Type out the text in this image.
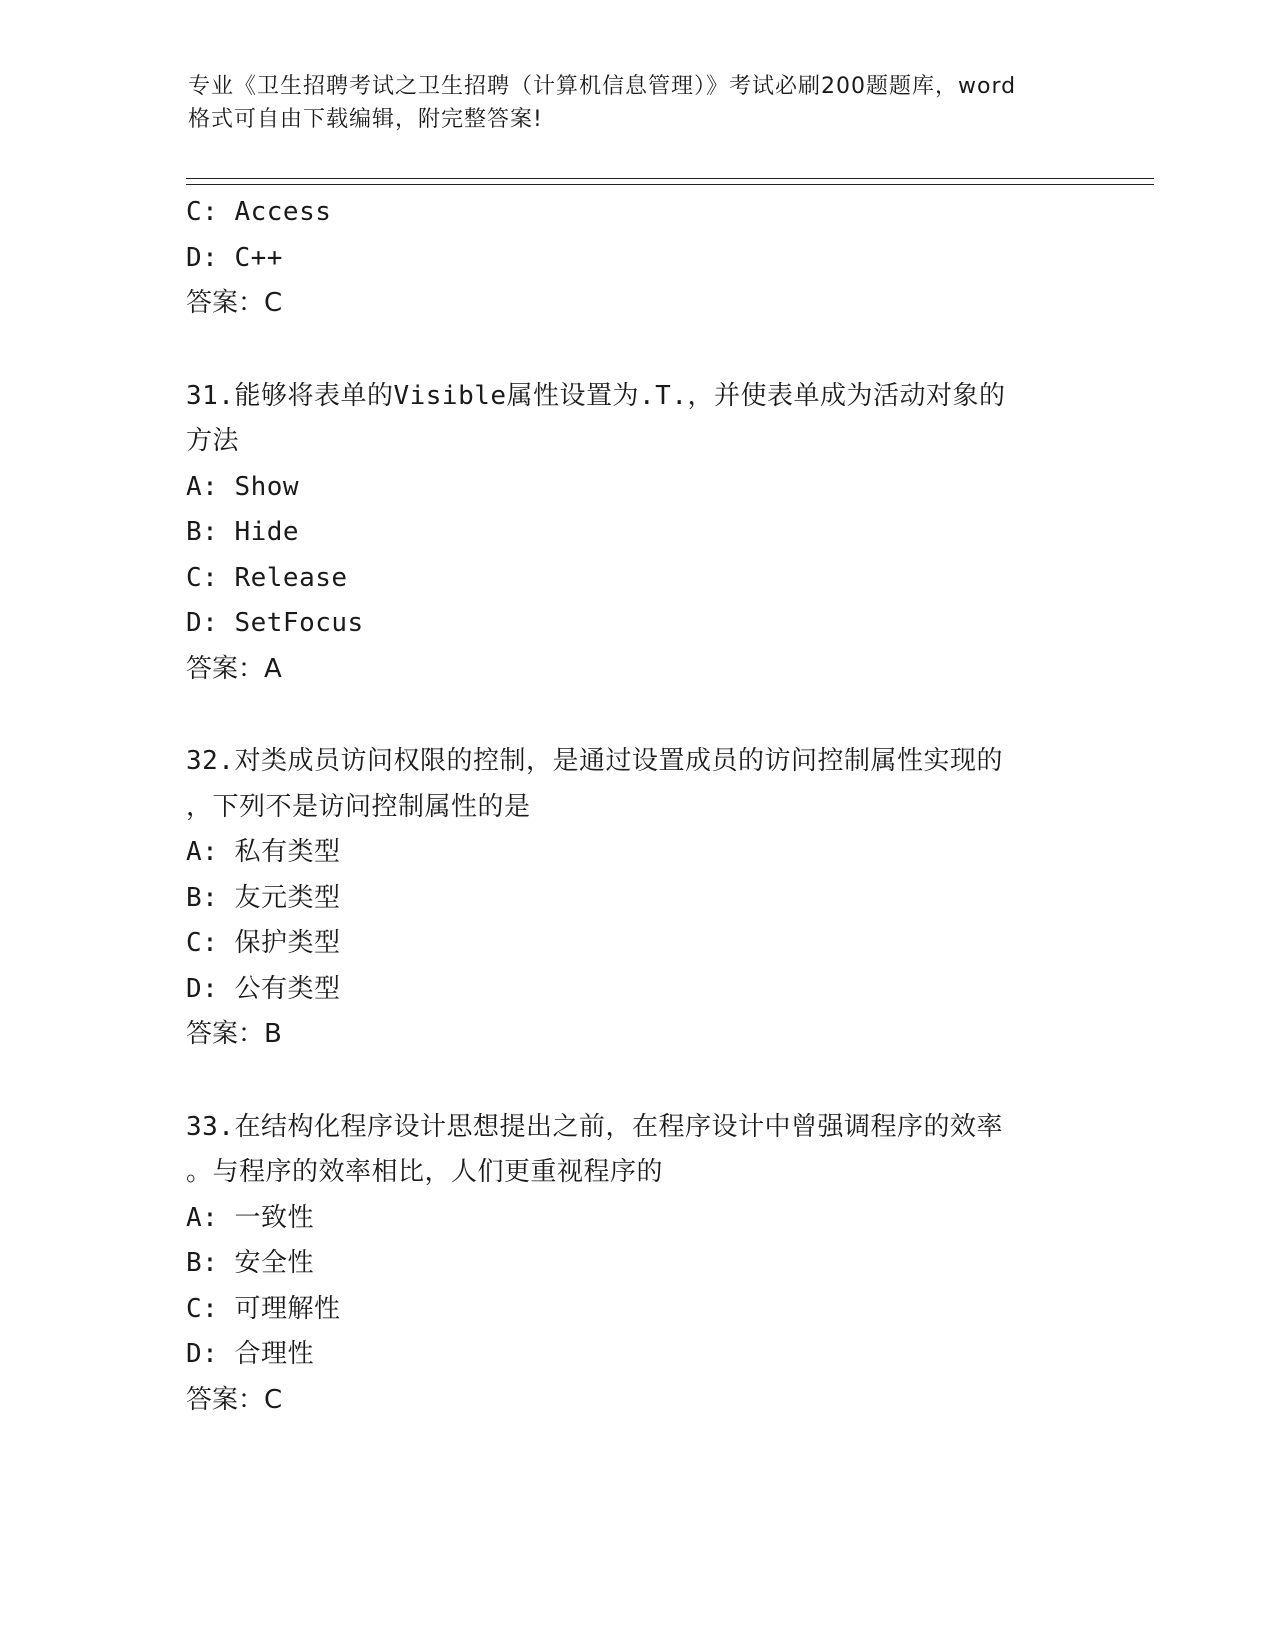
专业《卫生招聘考试之卫生招聘（计算机信息管理）》考试必刷200题题库，word
格式可自由下载编辑，附完整答案!
C: Access
D: C++
答案：C
31.能够将表单的Visible属性设置为.T.，并使表单成为活动对象的
方法
A: Show
B: Hide
C: Release
D: SetFocus
答案：A
32.对类成员访问权限的控制，是通过设置成员的访问控制属性实现的
，下列不是访问控制属性的是
A: 私有类型
B: 友元类型
C: 保护类型
D: 公有类型
答案：B
33.在结构化程序设计思想提出之前，在程序设计中曾强调程序的效率
。与程序的效率相比，人们更重视程序的
A: 一致性
B: 安全性
C: 可理解性
D: 合理性
答案：C
